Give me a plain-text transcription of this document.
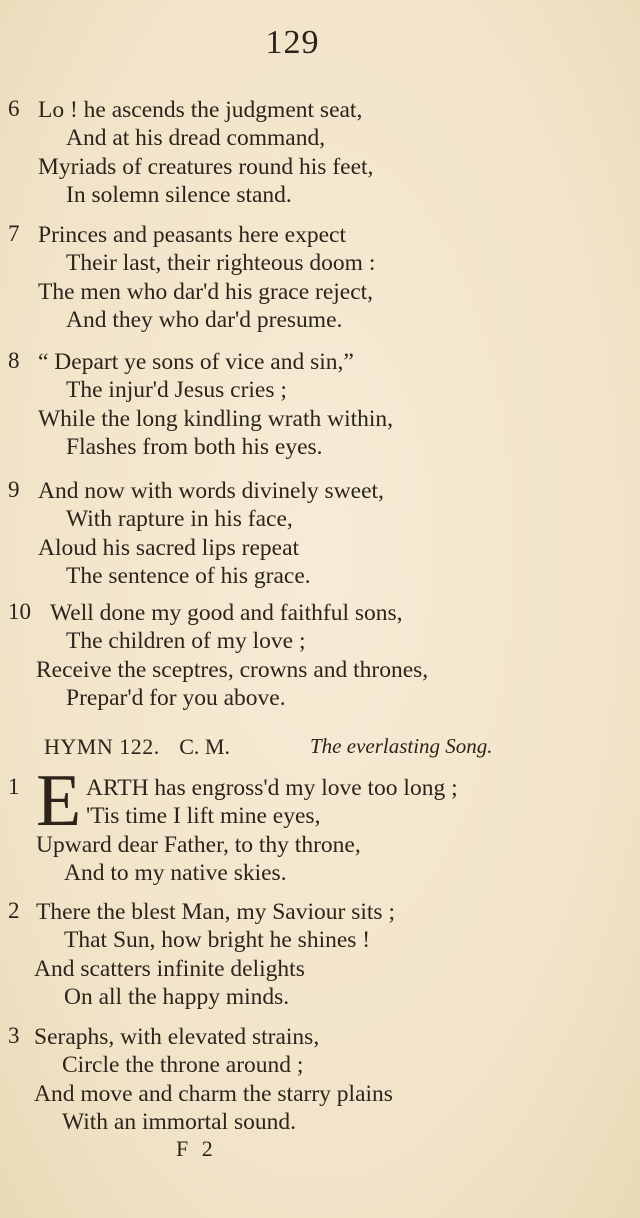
129
6 Lo ! he ascends the judgment seat,
And at his dread command,
Myriads of creatures round his feet,
In solemn silence stand.
7 Princes and peasants here expect
Their last, their righteous doom :
The men who dar'd his grace reject,
And they who dar'd presume.
8 “ Depart ye sons of vice and sin,”
The injur'd Jesus cries ;
While the long kindling wrath within,
Flashes from both his eyes.
9 And now with words divinely sweet,
With rapture in his face,
Aloud his sacred lips repeat
The sentence of his grace.
10 Well done my good and faithful sons,
The children of my love ;
Receive the sceptres, crowns and thrones,
Prepar'd for you above.
HYMN 122. C. M.	The everlasting Song.
1	ARTH has engross'd my love too long ;
'Tis time I lift mine eyes,
Upward dear Father, to thy throne,
And to my native skies.
E
2 There the blest Man, my Saviour sits ;
That Sun, how bright he shines !
And scatters infinite delights
On all the happy minds.
3 Seraphs, with elevated strains,
Circle the throne around ;
And move and charm the starry plains
With an immortal sound.
F 2
